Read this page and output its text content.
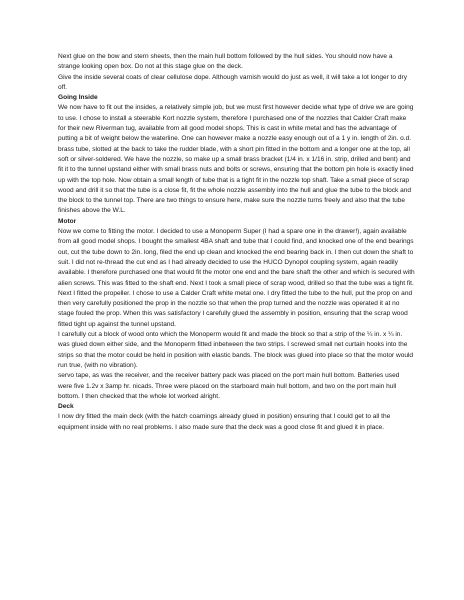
Next glue on the bow and stern sheets, then the main hull bottom followed by the hull sides. You should now have a strange looking open box. Do not at this stage glue on the deck.

Give the inside several coats of clear cellulose dope. Although varnish would do just as well, it will take a lot longer to dry off.

Going Inside

We now have to fit out the insides, a relatively simple job, but we must first however decide what type of drive we are going to use. I chose to install a steerable Kort nozzle system, therefore I purchased one of the nozzles that Calder Craft make for their new Riverman tug, available from all good model shops. This is cast in white metal and has the advantage of putting a bit of weight below the waterline. One can however make a nozzle easy enough out of a 1 y in. length of 2in. o.d. brass tube, slotted at the back to take the rudder blade, with a short pin fitted in the bottom and a longer one at the top, all soft or silver-soldered. We have the nozzle, so make up a small brass bracket (1/4 in. x 1/16 in. strip, drilled and bent) and fit it to the tunnel upstand either with small brass nuts and bolts or screws, ensuring that the bottom pin hole is exactly lined up with the top hole. Now obtain a small length of tube that is a tight fit in the nozzle top shaft. Take a small piece of scrap wood and drill it so that the tube is a close fit, fit the whole nozzle assembly into the hull and glue the tube to the block and the block to the tunnel top. There are two things to ensure here, make sure the nozzle turns freely and also that the tube finishes above the W.L.

Motor

Now we come to fitting the motor. I decided to use a Monoperm Super (I had a spare one in the drawer!), again available from all good model shops. I bought the smallest 4BA shaft and tube that I could find, and knocked one of the end bearings out, cut the tube down to 2in. long, filed the end up clean and knocked the end bearing back in. I then cut down the shaft to suit. I did not re-thread the cut end as I had already decided to use the HUCO Dynopol coupling system, again readily available. I therefore purchased one that would fit the motor one end and the bare shaft the other and which is secured with alien screws. This was fitted to the shaft end. Next I took a small piece of scrap wood, drilled so that the tube was a tight fit. Next I fitted the propeller. I chose to use a Calder Craft white metal one. I dry fitted the tube to the hull, put the prop on and then very carefully positioned the prop in the nozzle so that when the prop turned and the nozzle was operated it at no stage fouled the prop. When this was satisfactory I carefully glued the assembly in position, ensuring that the scrap wood fitted tight up against the tunnel upstand.

I carefully cut a block of wood onto which the Monoperm would fit and made the block so that a strip of the ¼ in. x ¼ in. was glued down either side, and the Monoperm fitted inbetween the two strips. I screwed small net curtain hooks into the strips so that the motor could be held in position with elastic bands. The block was glued into place so that the motor would run true, (with no vibration).

servo tape, as was the receiver, and the receiver battery pack was placed on the port main hull bottom. Batteries used were five 1.2v x 3amp hr. nicads. Three were placed on the starboard main hull bottom, and two on the port main hull bottom. I then checked that the whole lot worked alright.

Deck

I now dry fitted the main deck (with the hatch coamings already glued in position) ensuring that I could get to all the equipment inside with no real problems. I also made sure that the deck was a good close fit and glued it in place.
